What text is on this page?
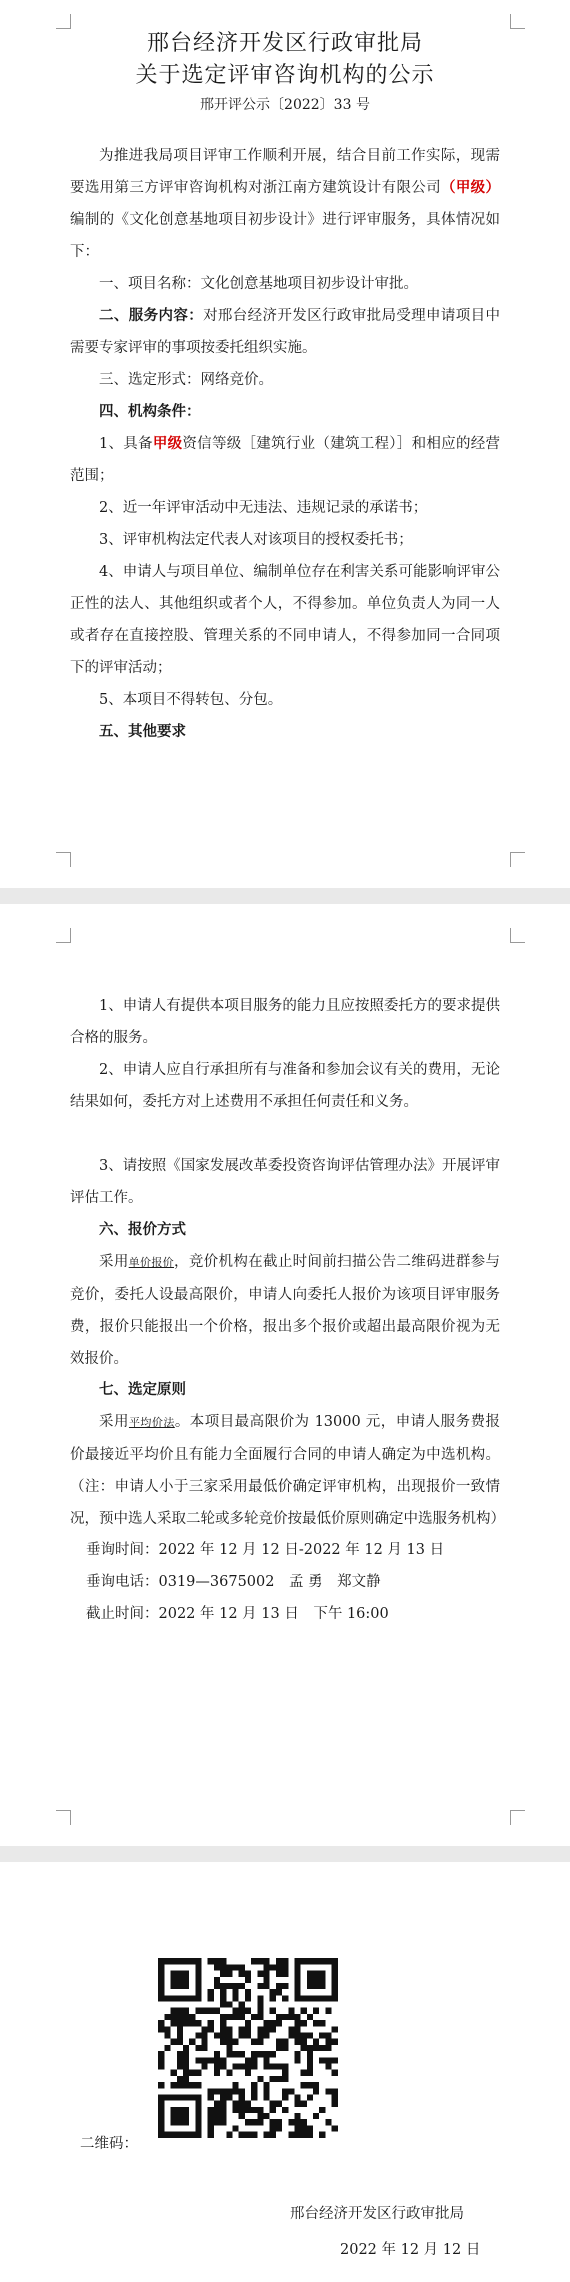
邢台经济开发区行政审批局
关于选定评审咨询机构的公示
邢开评公示〔2022〕33 号
为推进我局项目评审工作顺利开展，结合目前工作实际，现需要选用第三方评审咨询机构对浙江南方建筑设计有限公司（甲级）编制的《文化创意基地项目初步设计》进行评审服务，具体情况如下：
一、项目名称：文化创意基地项目初步设计审批。
二、服务内容：对邢台经济开发区行政审批局受理申请项目中需要专家评审的事项按委托组织实施。
三、选定形式：网络竞价。
四、机构条件：
1、具备甲级资信等级［建筑行业（建筑工程）］和相应的经营范围；
2、近一年评审活动中无违法、违规记录的承诺书；
3、评审机构法定代表人对该项目的授权委托书；
4、申请人与项目单位、编制单位存在利害关系可能影响评审公正性的法人、其他组织或者个人，不得参加。单位负责人为同一人或者存在直接控股、管理关系的不同申请人，不得参加同一合同项下的评审活动；
5、本项目不得转包、分包。
五、其他要求
1、申请人有提供本项目服务的能力且应按照委托方的要求提供合格的服务。
2、申请人应自行承担所有与准备和参加会议有关的费用，无论结果如何，委托方对上述费用不承担任何责任和义务。
3、请按照《国家发展改革委投资咨询评估管理办法》开展评审评估工作。
六、报价方式
采用单价报价，竞价机构在截止时间前扫描公告二维码进群参与竞价，委托人设最高限价，申请人向委托人报价为该项目评审服务费，报价只能报出一个价格，报出多个报价或超出最高限价视为无效报价。
七、选定原则
采用平均价法。本项目最高限价为 13000 元，申请人服务费报价最接近平均价且有能力全面履行合同的申请人确定为中选机构。（注：申请人小于三家采用最低价确定评审机构，出现报价一致情况，预中选人采取二轮或多轮竞价按最低价原则确定中选服务机构）
垂询时间：2022 年 12 月 12 日-2022 年 12 月 13 日
垂询电话：0319—3675002　孟 勇　郑文静
截止时间：2022 年 12 月 13 日　下午 16:00
二维码：
邢台经济开发区行政审批局
2022 年 12 月 12 日
